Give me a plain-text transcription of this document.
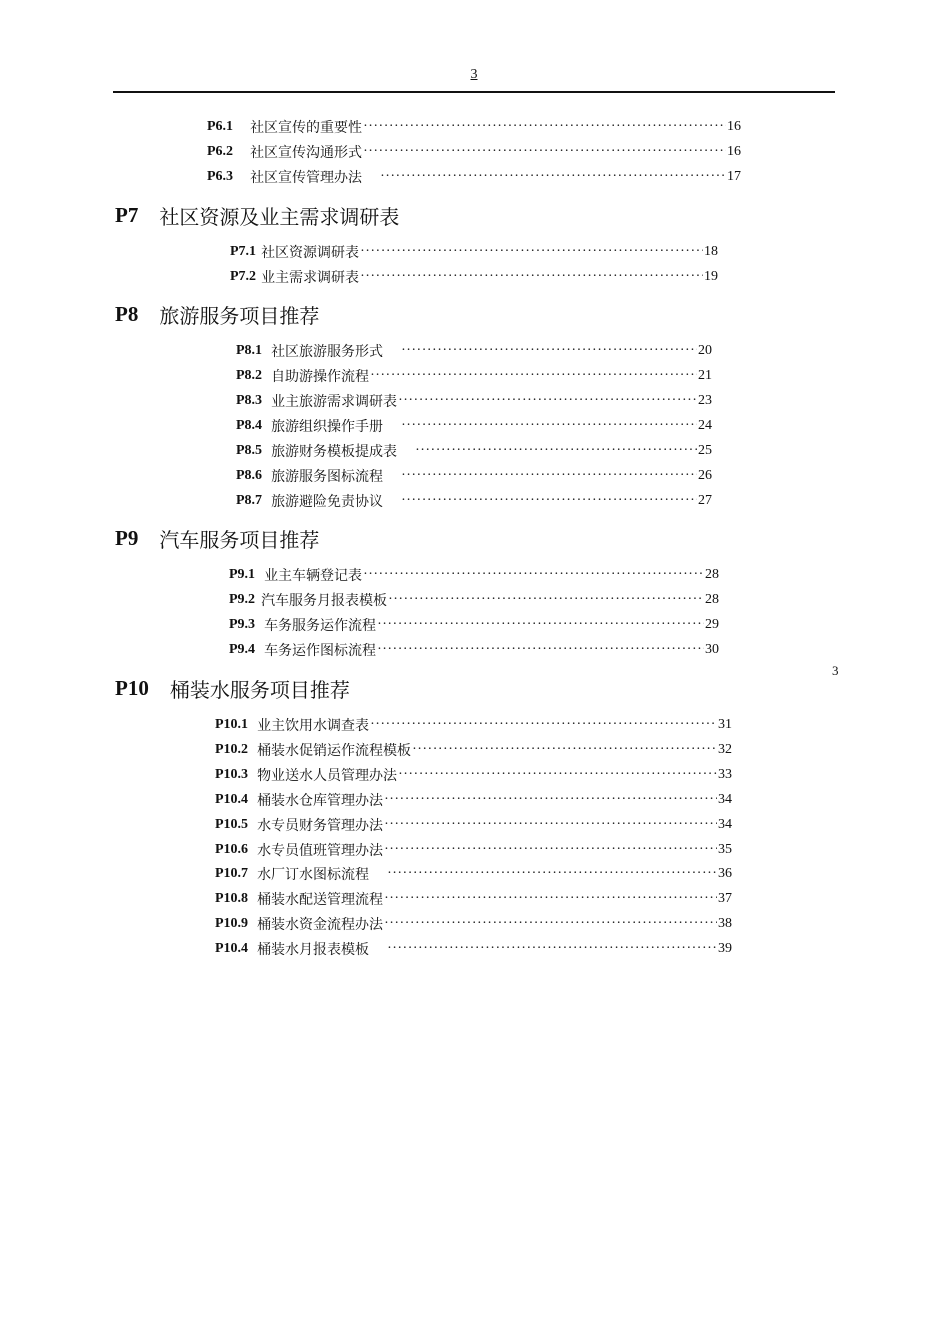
3
3
P6.1 社区宣传的重要性 ·····	16
P6.2 社区宣传沟通形式 ·····	16
P6.3 社区宣传管理办法 ·····	17
P7 社区资源及业主需求调研表
P7.1 社区资源调研表 ·····	18
P7.2 业主需求调研表 ·····	19
P8 旅游服务项目推荐
P8.1 社区旅游服务形式 ·····	20
P8.2 自助游操作流程 ·····	21
P8.3 业主旅游需求调研表 ·····	23
P8.4 旅游组织操作手册 ·····	24
P8.5 旅游财务模板提成表 ·····	25
P8.6 旅游服务图标流程 ·····	26
P8.7 旅游避险免责协议 ·····	27
P9 汽车服务项目推荐
P9.1 业主车辆登记表 ·····	28
P9.2 汽车服务月报表模板 ·····	28
P9.3 车务服务运作流程 ·····	29
P9.4 车务运作图标流程 ·····	30
P10 桶装水服务项目推荐
P10.1 业主饮用水调查表 ·····	31
P10.2 桶装水促销运作流程模板 ·····	32
P10.3 物业送水人员管理办法 ·····	33
P10.4 桶装水仓库管理办法 ·····	34
P10.5 水专员财务管理办法 ·····	34
P10.6 水专员值班管理办法 ·····	35
P10.7 水厂订水图标流程 ·····	36
P10.8 桶装水配送管理流程 ·····	37
P10.9 桶装水资金流程办法 ·····	38
P10.4 桶装水月报表模板 ·····	39
